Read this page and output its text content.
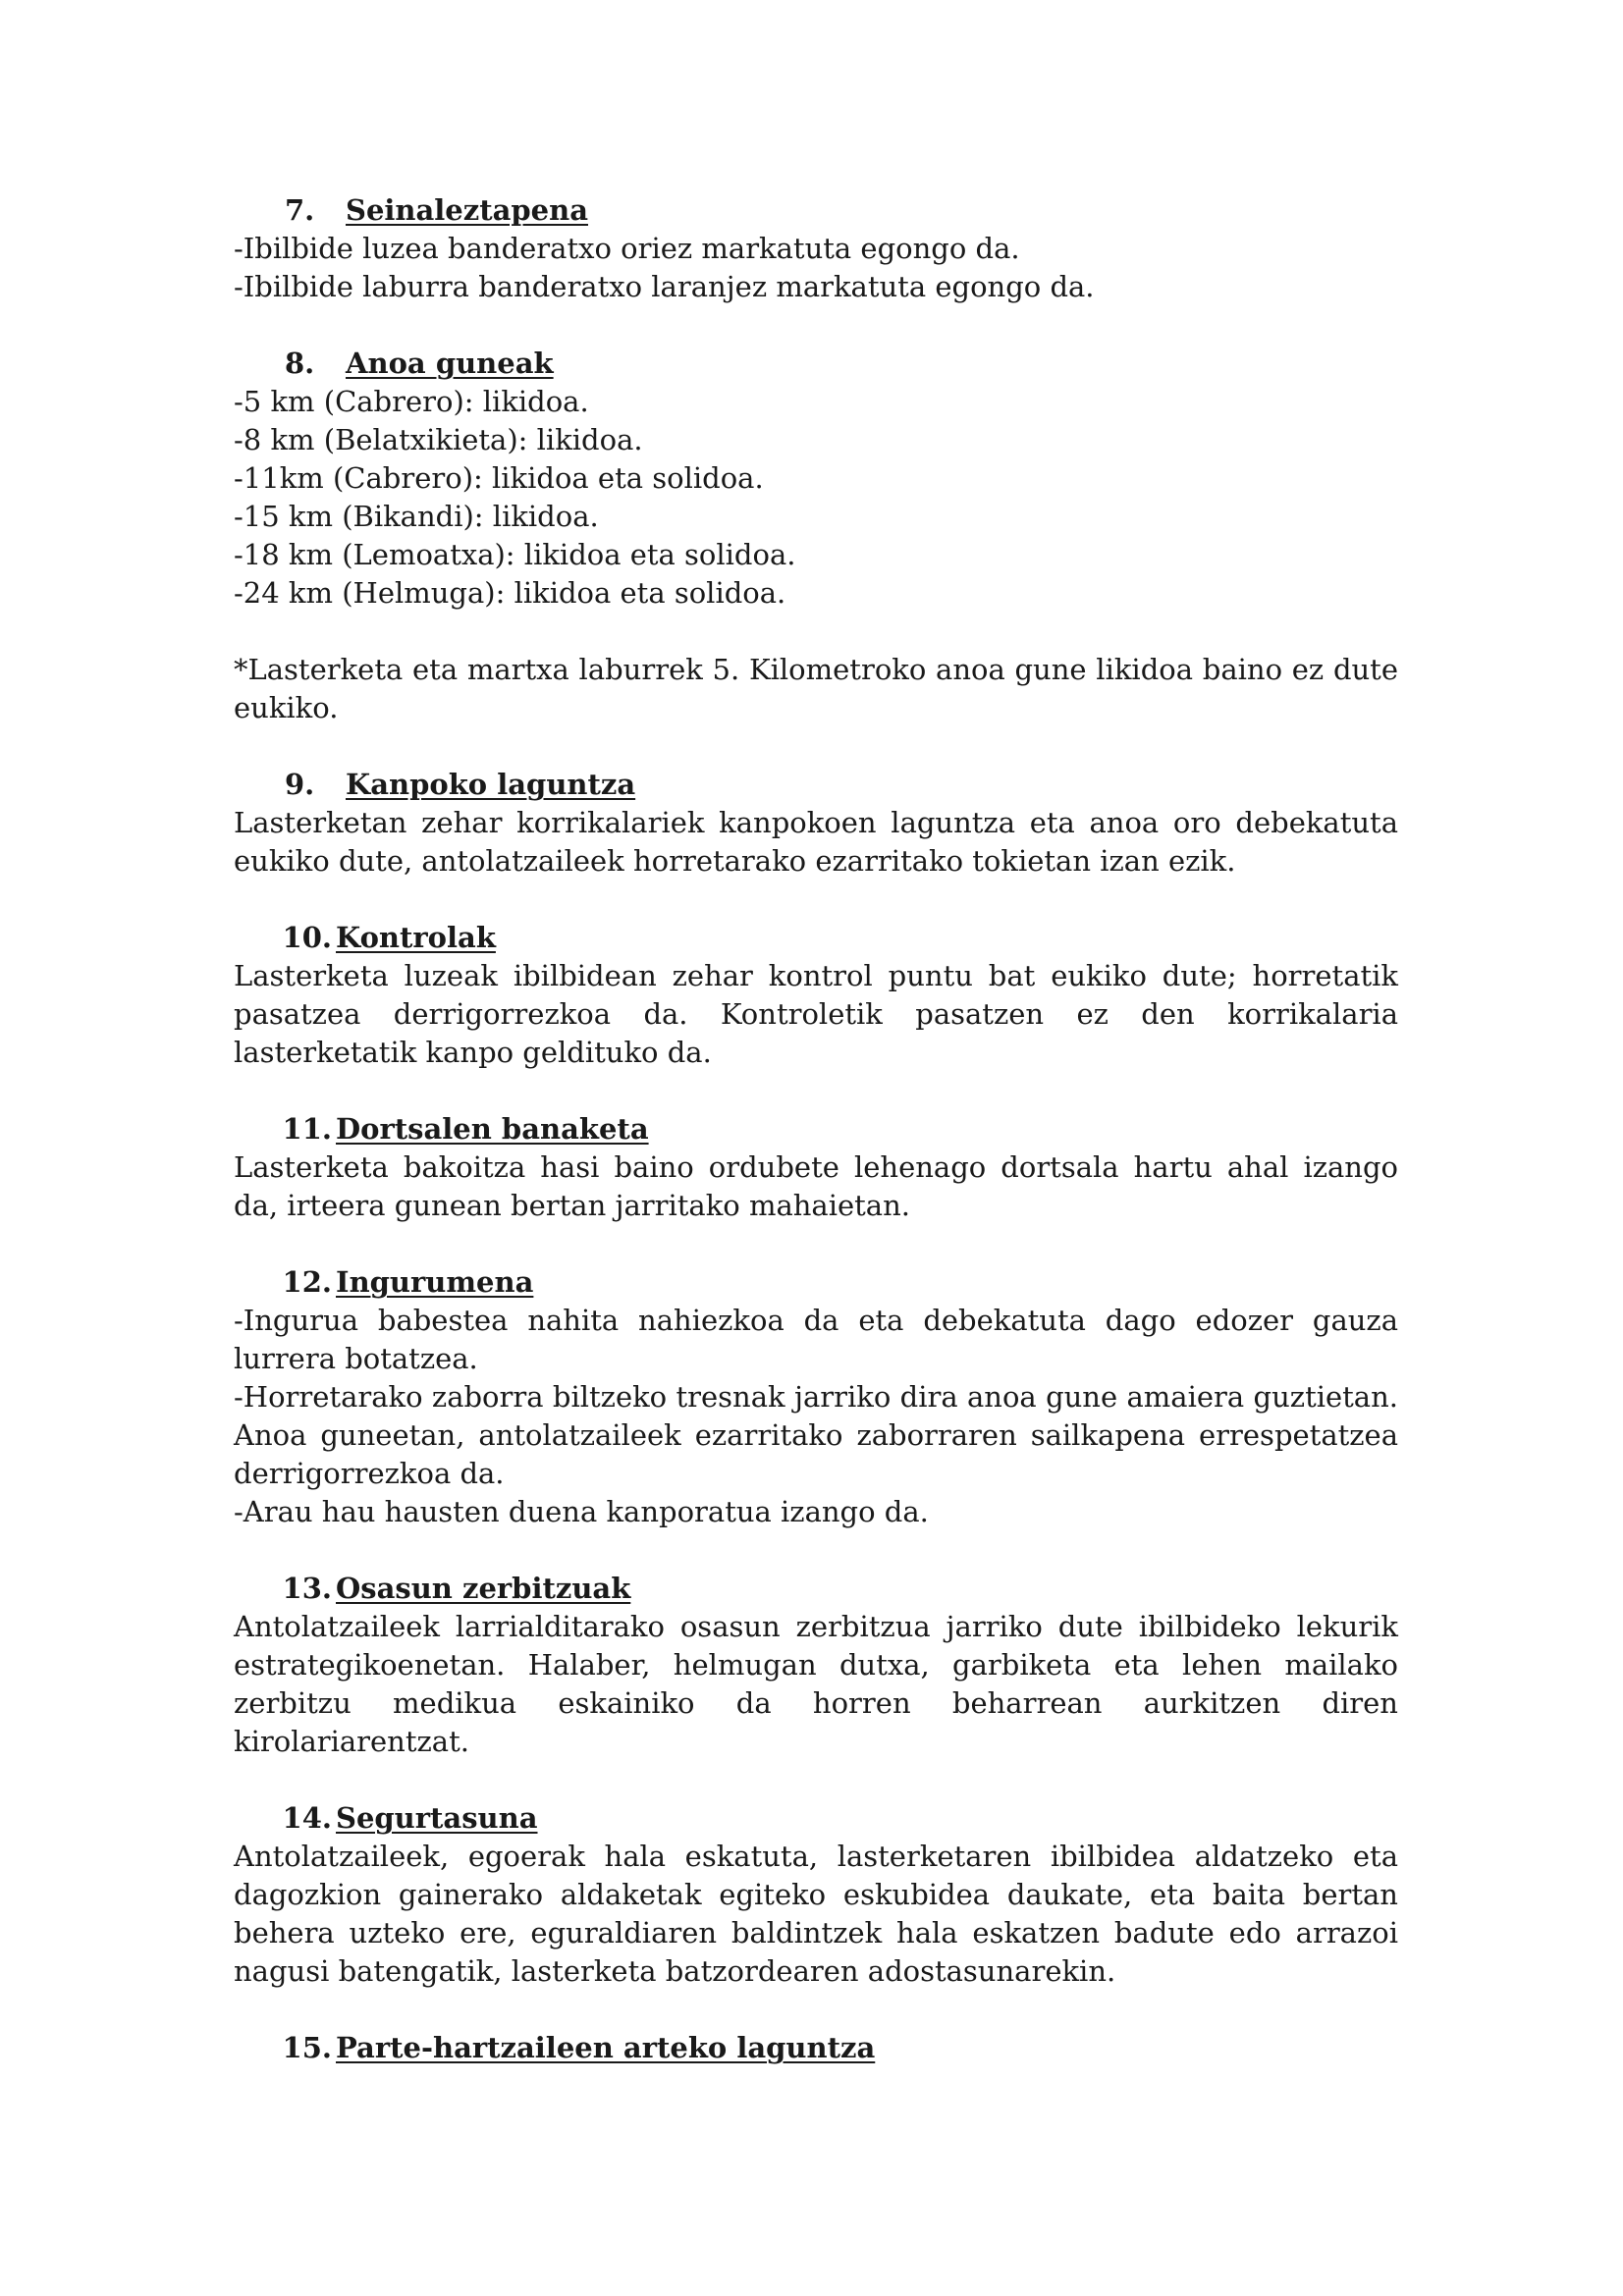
7.	Seinaleztapena

-Ibilbide luzea banderatxo oriez markatuta egongo da.

-Ibilbide laburra banderatxo laranjez markatuta egongo da.

8.	Anoa guneak

-5 km (Cabrero): likidoa.

-8 km (Belatxikieta): likidoa.

-11km (Cabrero): likidoa eta solidoa.

-15 km (Bikandi): likidoa.

-18 km (Lemoatxa): likidoa eta solidoa.

-24 km (Helmuga): likidoa eta solidoa.

*Lasterketa eta martxa laburrek 5. Kilometroko anoa gune likidoa baino ez dute eukiko.

9.	Kanpoko laguntza

Lasterketan zehar korrikalariek kanpokoen laguntza eta anoa oro debekatuta eukiko dute, antolatzaileek horretarako ezarritako tokietan izan ezik.

10. Kontrolak

Lasterketa luzeak ibilbidean zehar kontrol puntu bat eukiko dute; horretatik pasatzea derrigorrezkoa da. Kontroletik pasatzen ez den korrikalaria lasterketatik kanpo geldituko da.

11. Dortsalen banaketa

Lasterketa bakoitza hasi baino ordubete lehenago dortsala hartu ahal izango da, irteera gunean bertan jarritako mahaietan.

12. Ingurumena

-Ingurua babestea nahita nahiezkoa da eta debekatuta dago edozer gauza lurrera botatzea.

-Horretarako zaborra biltzeko tresnak jarriko dira anoa gune amaiera guztietan. Anoa guneetan, antolatzaileek ezarritako zaborraren sailkapena errespetatzea derrigorrezkoa da.

-Arau hau hausten duena kanporatua izango da.

13. Osasun zerbitzuak

Antolatzaileek larrialditarako osasun zerbitzua jarriko dute ibilbideko lekurik estrategikoenetan. Halaber, helmugan dutxa, garbiketa eta lehen mailako zerbitzu medikua eskainiko da horren beharrean aurkitzen diren kirolariarentzat.

14. Segurtasuna

Antolatzaileek, egoerak hala eskatuta, lasterketaren ibilbidea aldatzeko eta dagozkion gainerako aldaketak egiteko eskubidea daukate, eta baita bertan behera uzteko ere, eguraldiaren baldintzek hala eskatzen badute edo arrazoi nagusi batengatik, lasterketa batzordearen adostasunarekin.

15. Parte-hartzaileen arteko laguntza
